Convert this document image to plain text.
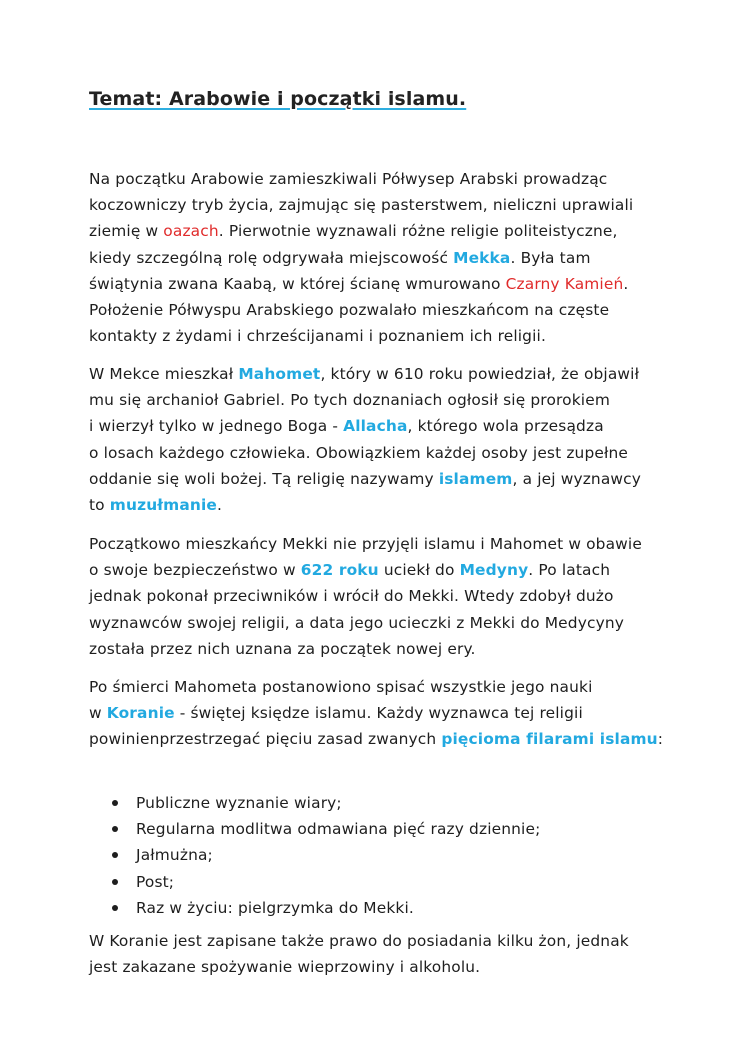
Temat: Arabowie i początki islamu.

Na początku Arabowie zamieszkiwali Półwysep Arabski prowadząc
koczowniczy tryb życia, zajmując się pasterstwem, nieliczni uprawiali
ziemię w oazach. Pierwotnie wyznawali różne religie politeistyczne,
kiedy szczególną rolę odgrywała miejscowość Mekka. Była tam
świątynia zwana Kaabą, w której ścianę wmurowano Czarny Kamień.
Położenie Półwyspu Arabskiego pozwalało mieszkańcom na częste
kontakty z żydami i chrześcijanami i poznaniem ich religii.

W Mekce mieszkał Mahomet, który w 610 roku powiedział, że objawił
mu się archanioł Gabriel. Po tych doznaniach ogłosił się prorokiem
i wierzył tylko w jednego Boga - Allacha, którego wola przesądza
o losach każdego człowieka. Obowiązkiem każdej osoby jest zupełne
oddanie się woli bożej. Tą religię nazywamy islamem, a jej wyznawcy
to muzułmanie.

Początkowo mieszkańcy Mekki nie przyjęli islamu i Mahomet w obawie
o swoje bezpieczeństwo w 622 roku uciekł do Medyny. Po latach
jednak pokonał przeciwników i wrócił do Mekki. Wtedy zdobył dużo
wyznawców swojej religii, a data jego ucieczki z Mekki do Medycyny
została przez nich uznana za początek nowej ery.

Po śmierci Mahometa postanowiono spisać wszystkie jego nauki
w Koranie - świętej księdze islamu. Każdy wyznawca tej religii
powinienprzestrzegać pięciu zasad zwanych pięcioma filarami islamu:

Publiczne wyznanie wiary;
Regularna modlitwa odmawiana pięć razy dziennie;
Jałmużna;
Post;
Raz w życiu: pielgrzymka do Mekki.

W Koranie jest zapisane także prawo do posiadania kilku żon, jednak
jest zakazane spożywanie wieprzowiny i alkoholu.
